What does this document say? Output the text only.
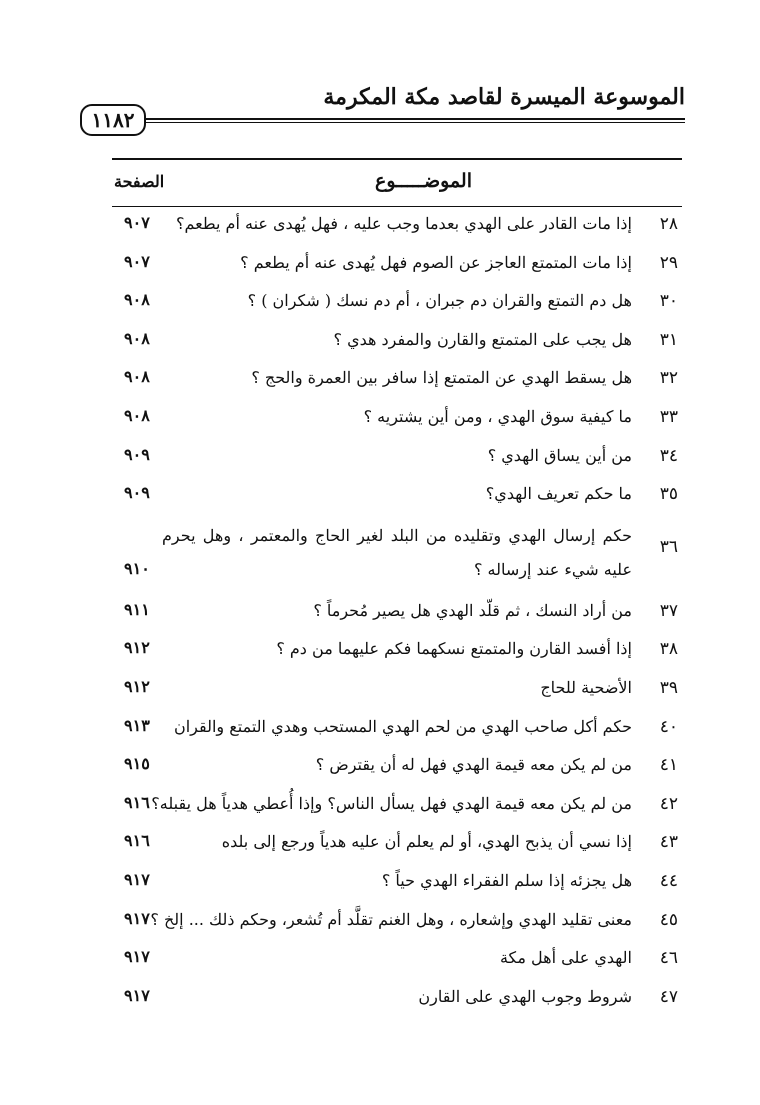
الموسوعة الميسرة لقاصد مكة المكرمة
١١٨٢
الموضـــــوع
الصفحة
٢٨
إذا مات القادر على الهدي بعدما وجب عليه ، فهل يُهدى عنه أم يطعم؟
٩٠٧
٢٩
إذا مات المتمتع العاجز عن الصوم فهل يُهدى عنه أم يطعم ؟
٩٠٧
٣٠
هل دم التمتع والقران دم جبران ، أم دم نسك ( شكران ) ؟
٩٠٨
٣١
هل يجب على المتمتع والقارن والمفرد هدي ؟
٩٠٨
٣٢
هل يسقط الهدي عن المتمتع إذا سافر بين العمرة والحج ؟
٩٠٨
٣٣
ما كيفية سوق الهدي ، ومن أين يشتريه ؟
٩٠٨
٣٤
من أين يساق الهدي ؟
٩٠٩
٣٥
ما حكم تعريف الهدي؟
٩٠٩
٣٦
حكم إرسال الهدي وتقليده من البلد لغير الحاج والمعتمر ، وهل يحرم عليه شيء عند إرساله ؟
٩١٠
٣٧
من أراد النسك ، ثم قلّد الهدي هل يصير مُحرماً ؟
٩١١
٣٨
إذا أفسد القارن والمتمتع نسكهما فكم عليهما من دم ؟
٩١٢
٣٩
الأضحية للحاج
٩١٢
٤٠
حكم أكل صاحب الهدي من لحم الهدي المستحب وهدي التمتع والقران
٩١٣
٤١
من لم يكن معه قيمة الهدي فهل له أن يقترض ؟
٩١٥
٤٢
من لم يكن معه قيمة الهدي فهل يسأل الناس؟ وإذا أُعطي هدياً هل يقبله؟
٩١٦
٤٣
إذا نسي أن يذبح الهدي، أو لم يعلم أن عليه هدياً ورجع إلى بلده
٩١٦
٤٤
هل يجزئه إذا سلم الفقراء الهدي حياً ؟
٩١٧
٤٥
معنى تقليد الهدي وإشعاره ، وهل الغنم تقلَّد أم تُشعر، وحكم ذلك ... إلخ ؟
٩١٧
٤٦
الهدي على أهل مكة
٩١٧
٤٧
شروط وجوب الهدي على القارن
٩١٧
